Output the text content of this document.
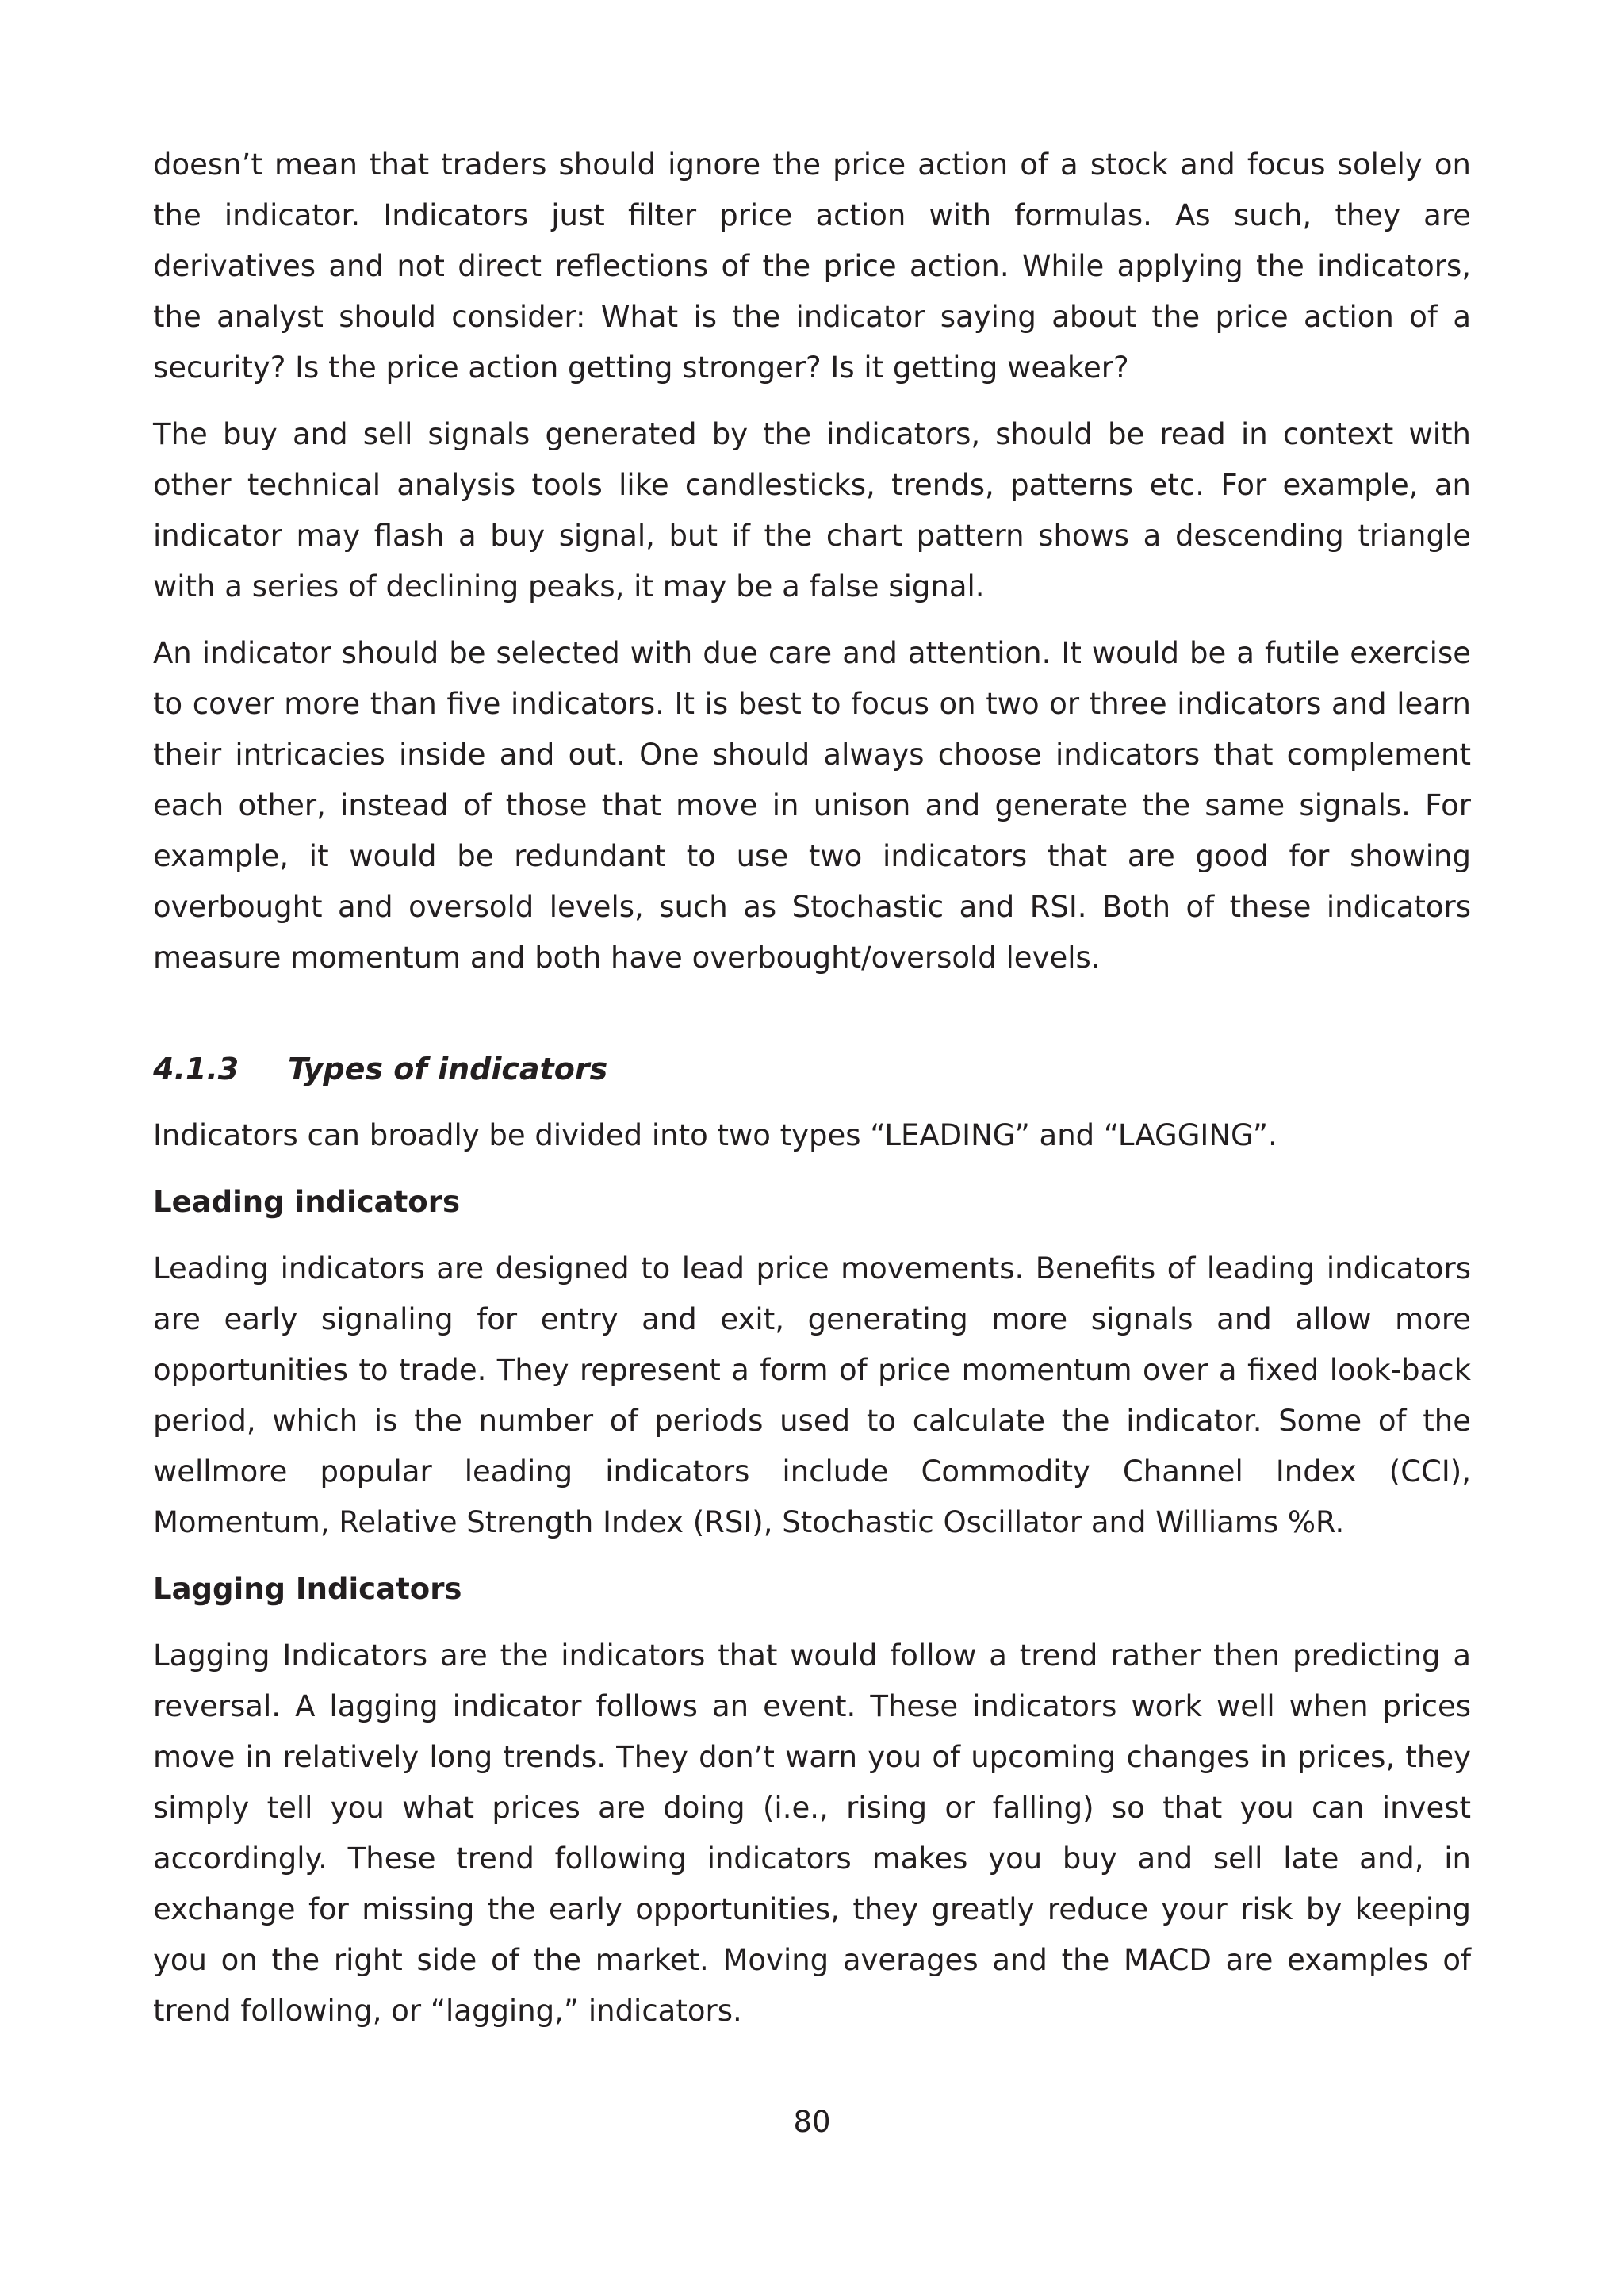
doesn’t mean that traders should ignore the price action of a stock and focus solely on the indicator. Indicators just filter price action with formulas. As such, they are derivatives and not direct reflections of the price action. While applying the indicators, the analyst should consider: What is the indicator saying about the price action of a security? Is the price action getting stronger? Is it getting weaker?

The buy and sell signals generated by the indicators, should be read in context with other technical analysis tools like candlesticks, trends, patterns etc. For example, an indicator may flash a buy signal, but if the chart pattern shows a descending triangle with a series of declining peaks, it may be a false signal.

An indicator should be selected with due care and attention. It would be a futile exercise to cover more than five indicators. It is best to focus on two or three indicators and learn their intricacies inside and out. One should always choose indicators that complement each other, instead of those that move in unison and generate the same signals. For example, it would be redundant to use two indicators that are good for showing overbought and oversold levels, such as Stochastic and RSI. Both of these indicators measure momentum and both have overbought/oversold levels.

4.1.3	Types of indicators

Indicators can broadly be divided into two types “LEADING” and “LAGGING”.

Leading indicators

Leading indicators are designed to lead price movements. Benefits of leading indicators are early signaling for entry and exit, generating more signals and allow more opportunities to trade. They represent a form of price momentum over a fixed look-back period, which is the number of periods used to calculate the indicator. Some of the wellmore popular leading indicators include Commodity Channel Index (CCI), Momentum, Relative Strength Index (RSI), Stochastic Oscillator and Williams %R.

Lagging Indicators

Lagging Indicators are the indicators that would follow a trend rather then predicting a reversal. A lagging indicator follows an event. These indicators work well when prices move in relatively long trends. They don’t warn you of upcoming changes in prices, they simply tell you what prices are doing (i.e., rising or falling) so that you can invest accordingly. These trend following indicators makes you buy and sell late and, in exchange for missing the early opportunities, they greatly reduce your risk by keeping you on the right side of the market. Moving averages and the MACD are examples of trend following, or “lagging,” indicators.

80
